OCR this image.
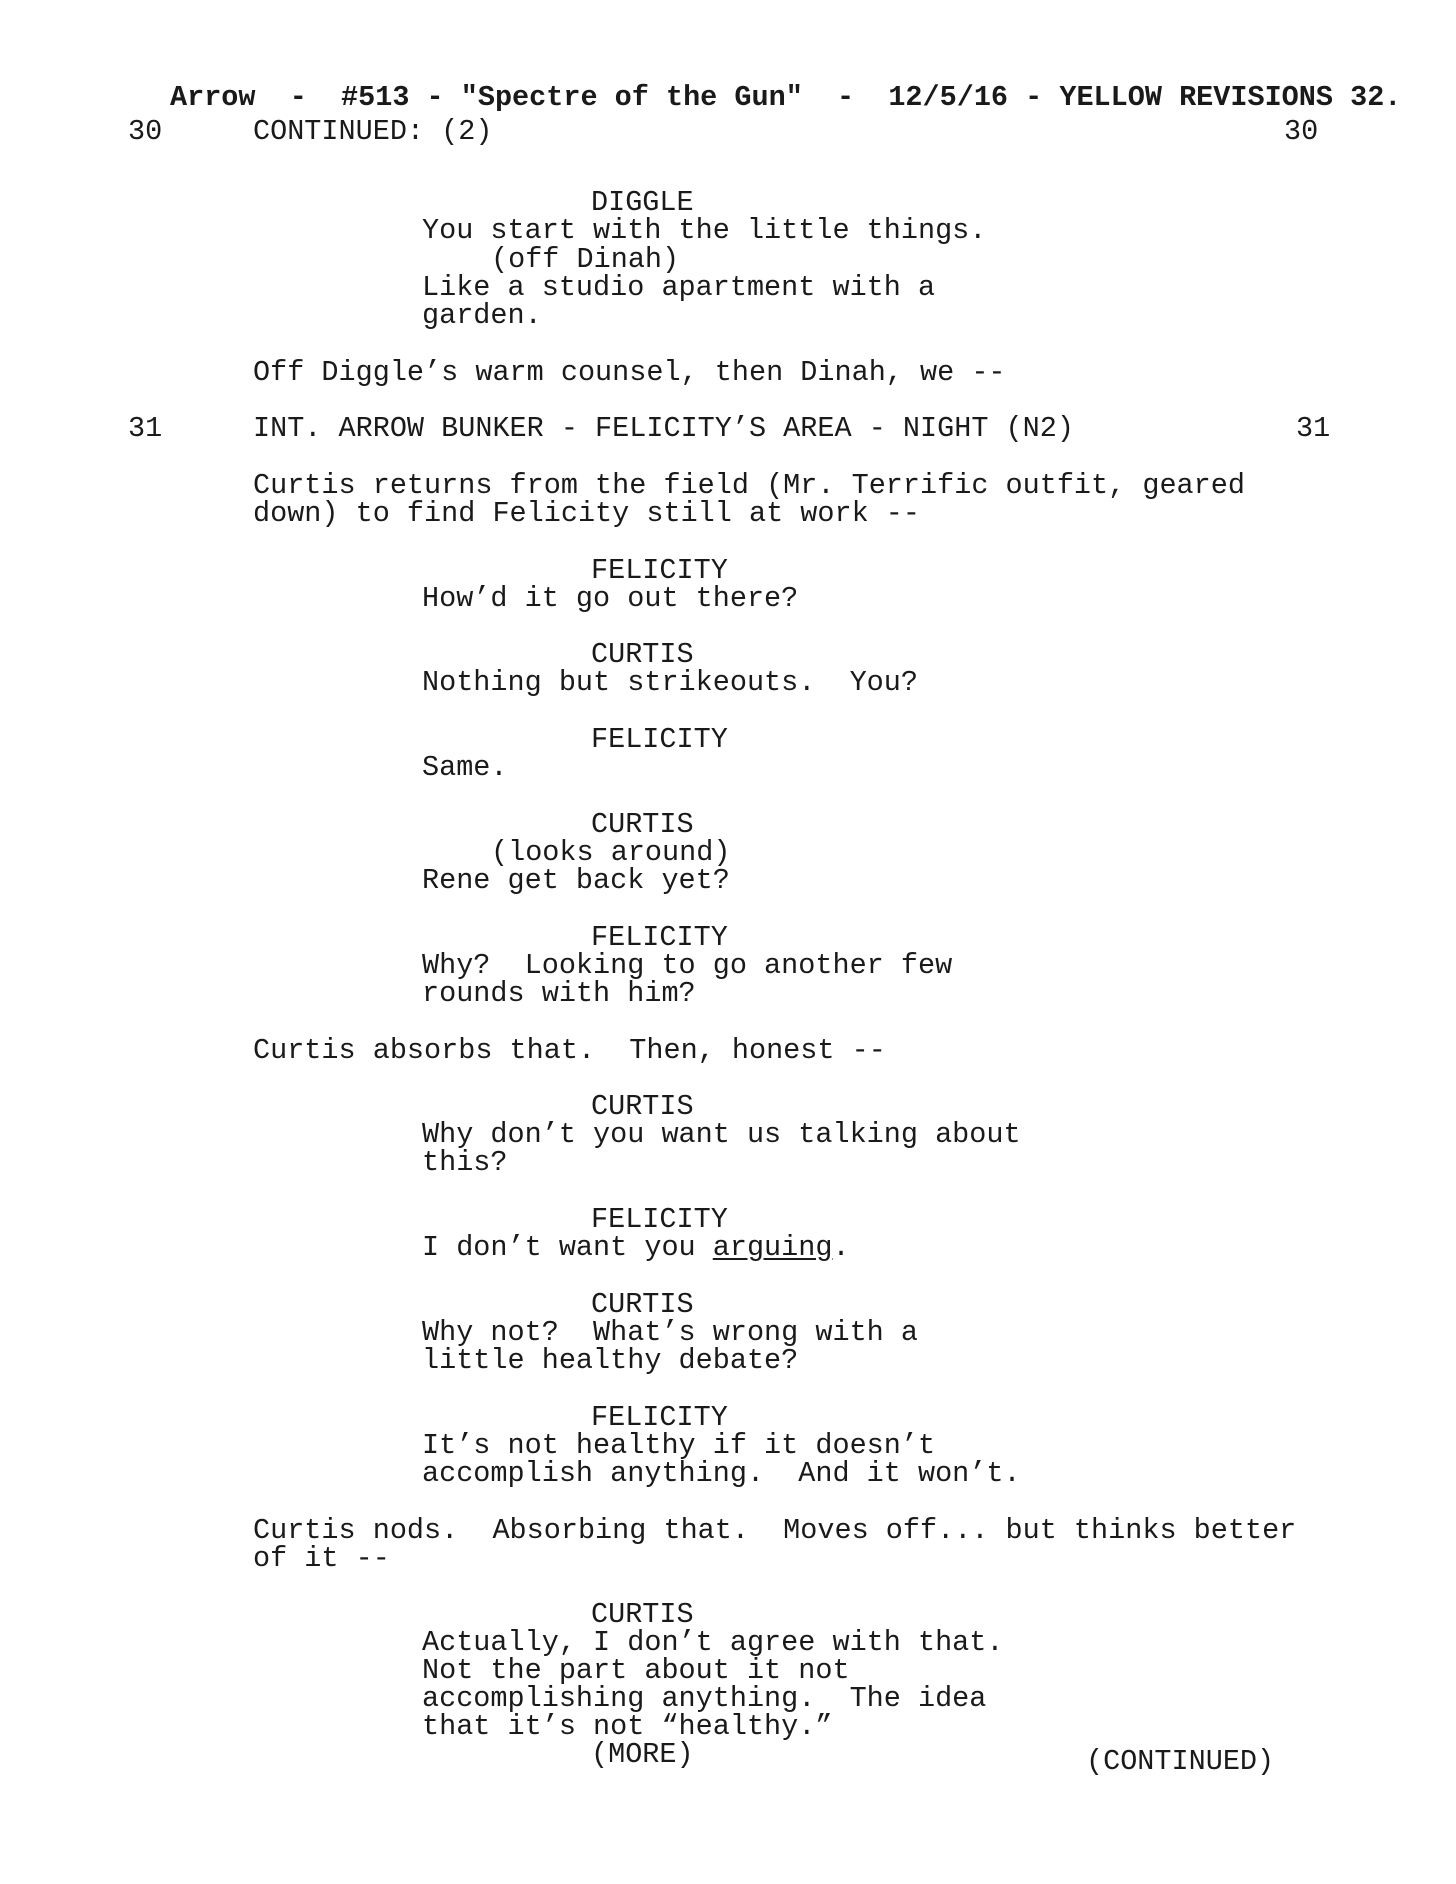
Arrow  -  #513 - "Spectre of the Gun"  -  12/5/16 - YELLOW REVISIONS 32.
30	CONTINUED: (2)	30
DIGGLE
You start with the little things.
(off Dinah)
Like a studio apartment with a
garden.
Off Diggle’s warm counsel, then Dinah, we --
31	INT. ARROW BUNKER - FELICITY’S AREA - NIGHT (N2)	31
Curtis returns from the field (Mr. Terrific outfit, geared
down) to find Felicity still at work --
FELICITY
How’d it go out there?
CURTIS
Nothing but strikeouts.  You?
FELICITY
Same.
CURTIS
(looks around)
Rene get back yet?
FELICITY
Why?  Looking to go another few
rounds with him?
Curtis absorbs that.  Then, honest --
CURTIS
Why don’t you want us talking about
this?
FELICITY
I don’t want you arguing.
CURTIS
Why not?  What’s wrong with a
little healthy debate?
FELICITY
It’s not healthy if it doesn’t
accomplish anything.  And it won’t.
Curtis nods.  Absorbing that.  Moves off... but thinks better
of it --
CURTIS
Actually, I don’t agree with that.
Not the part about it not
accomplishing anything.  The idea
that it’s not “healthy.”
(MORE)	(CONTINUED)
